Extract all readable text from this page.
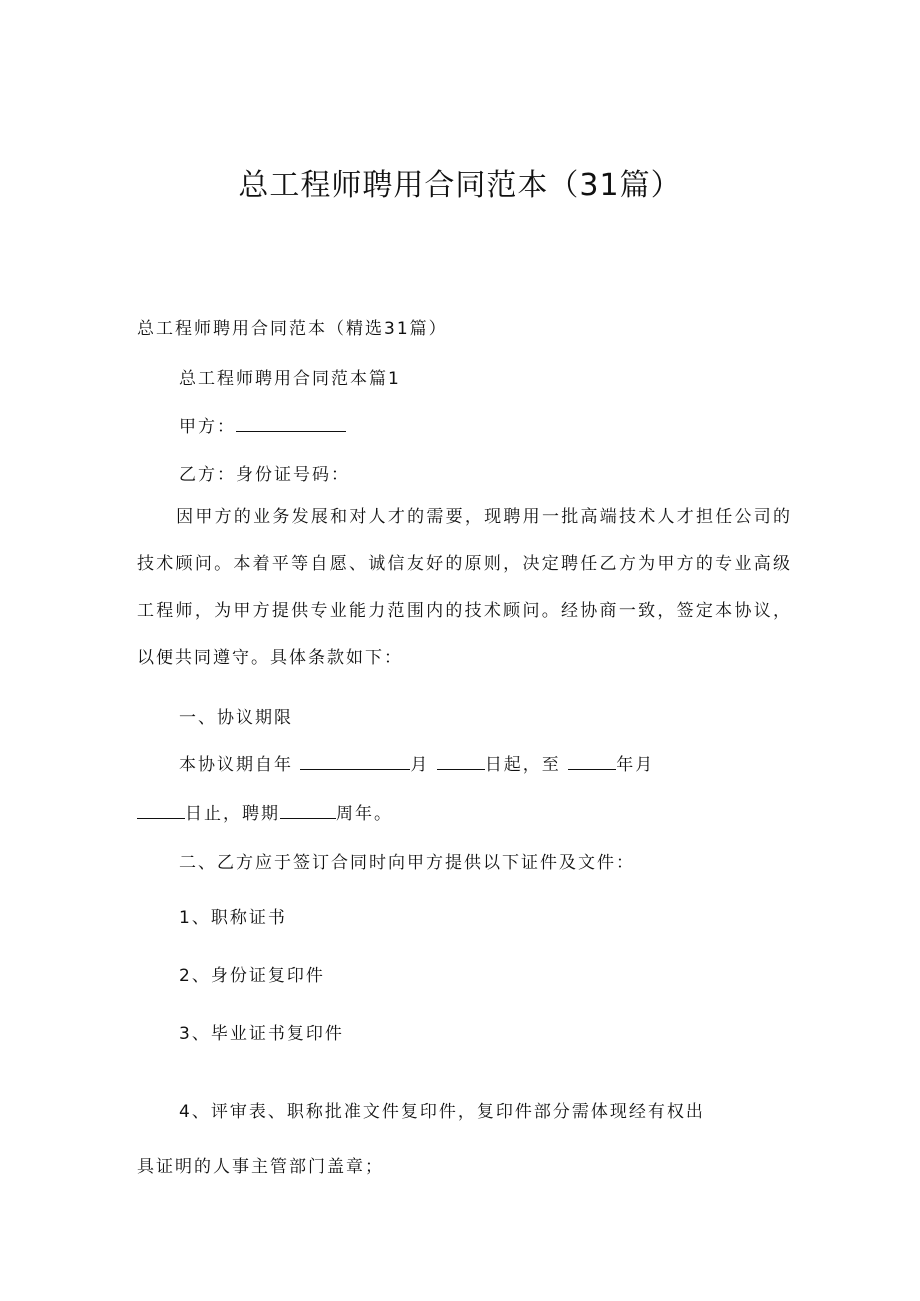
总工程师聘用合同范本（31篇）

总工程师聘用合同范本（精选31篇）

总工程师聘用合同范本篇1

甲方：

乙方：身份证号码：

因甲方的业务发展和对人才的需要，现聘用一批高端技术人才担任公司的技术顾问。本着平等自愿、诚信友好的原则，决定聘任乙方为甲方的专业高级工程师，为甲方提供专业能力范围内的技术顾问。经协商一致，签定本协议，以便共同遵守。具体条款如下：

一、协议期限

本协议期自年	月	日起，至	年月

日止，聘期	周年。

二、乙方应于签订合同时向甲方提供以下证件及文件：

1、职称证书

2、身份证复印件

3、毕业证书复印件

4、评审表、职称批准文件复印件，复印件部分需体现经有权出

具证明的人事主管部门盖章；
